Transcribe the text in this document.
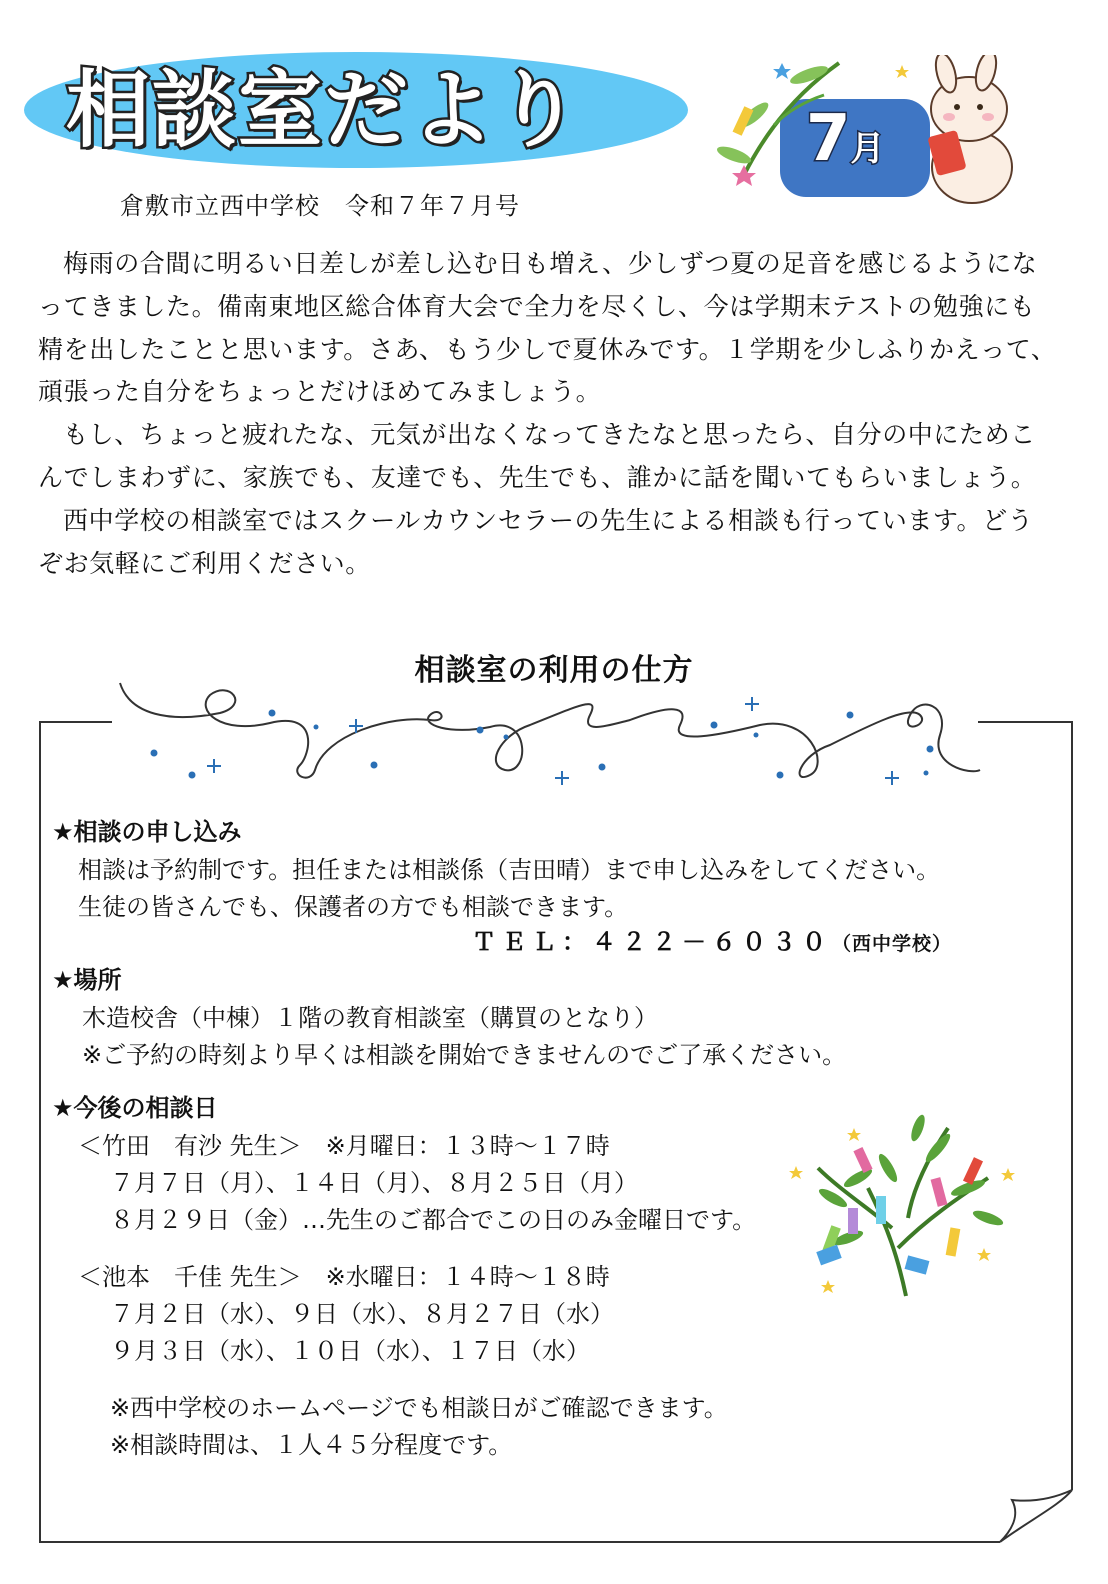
相談室だより
倉敷市立西中学校　令和７年７月号
7月

梅雨の合間に明るい日差しが差し込む日も増え、少しずつ夏の足音を感じるようになってきました。備南東地区総合体育大会で全力を尽くし、今は学期末テストの勉強にも精を出したことと思います。さあ、もう少しで夏休みです。１学期を少しふりかえって、頑張った自分をちょっとだけほめてみましょう。

もし、ちょっと疲れたな、元気が出なくなってきたなと思ったら、自分の中にためこんでしまわずに、家族でも、友達でも、先生でも、誰かに話を聞いてもらいましょう。

西中学校の相談室ではスクールカウンセラーの先生による相談も行っています。どうぞお気軽にご利用ください。

相談室の利用の仕方
★相談の申し込み
相談は予約制です。担任または相談係（吉田晴）まで申し込みをしてください。
生徒の皆さんでも、保護者の方でも相談できます。
ＴＥＬ：４２２－６０３０（西中学校）
★場所
木造校舎（中棟）１階の教育相談室（購買のとなり）
※ご予約の時刻より早くは相談を開始できませんのでご了承ください。
★今後の相談日
＜竹田　有沙 先生＞　※月曜日：１３時～１７時
７月７日（月）、１４日（月）、８月２５日（月）
８月２９日（金）…先生のご都合でこの日のみ金曜日です。
＜池本　千佳 先生＞　※水曜日：１４時～１８時
７月２日（水）、９日（水）、８月２７日（水）
９月３日（水）、１０日（水）、１７日（水）
※西中学校のホームページでも相談日がご確認できます。
※相談時間は、１人４５分程度です。
